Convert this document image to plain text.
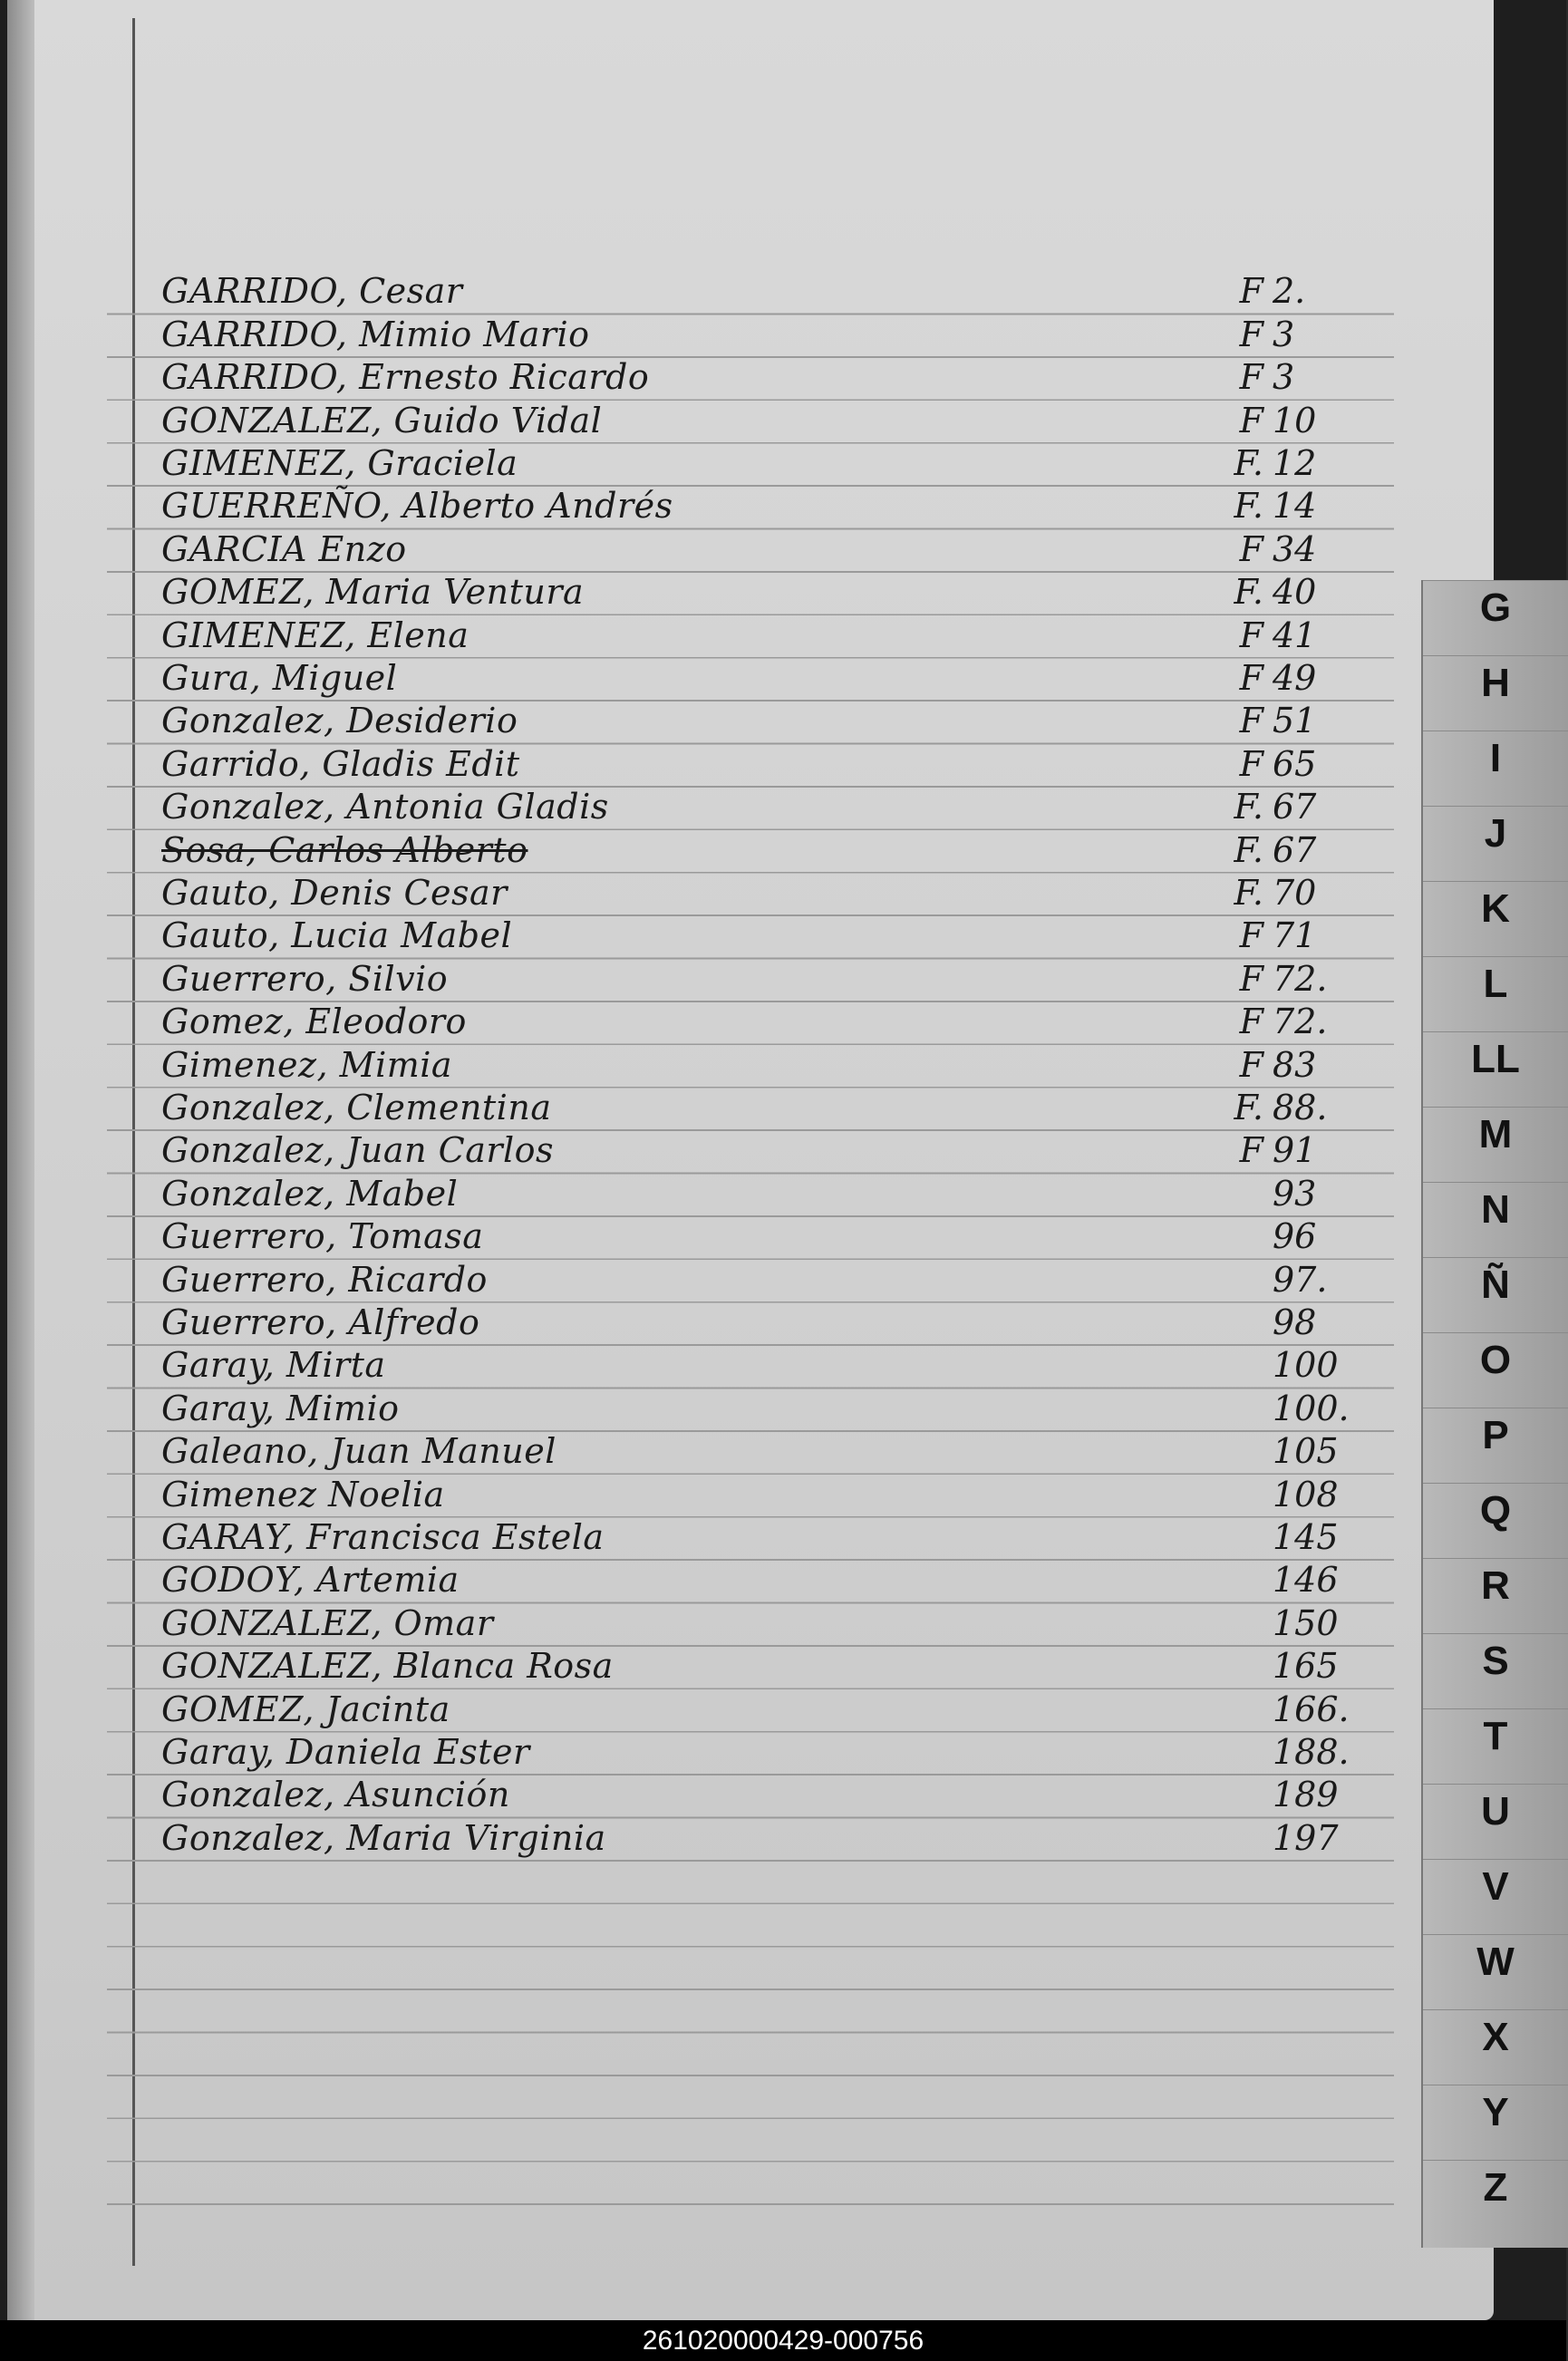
GARRIDO, Cesar	F 2.
GARRIDO, Mimio Mario	F 3
GARRIDO, Ernesto Ricardo	F 3
GONZALEZ, Guido Vidal	F 10
GIMENEZ, Graciela	F. 12
GUERREÑO, Alberto Andrés	F. 14
GARCIA Enzo	F 34
GOMEZ, Maria Ventura	F. 40
GIMENEZ, Elena	F 41
Gura, Miguel	F 49
Gonzalez, Desiderio	F 51
Garrido, Gladis Edit	F 65
Gonzalez, Antonia Gladis	F. 67
Sosa, Carlos Alberto	F. 67
Gauto, Denis Cesar	F. 70
Gauto, Lucia Mabel	F 71
Guerrero, Silvio	F 72.
Gomez, Eleodoro	F 72.
Gimenez, Mimia	F 83
Gonzalez, Clementina	F. 88.
Gonzalez, Juan Carlos	F 91
Gonzalez, Mabel	93
Guerrero, Tomasa	96
Guerrero, Ricardo	97.
Guerrero, Alfredo	98
Garay, Mirta	100
Garay, Mimio	100.
Galeano, Juan Manuel	105
Gimenez Noelia	108
GARAY, Francisca Estela	145
GODOY, Artemia	146
GONZALEZ, Omar	150
GONZALEZ, Blanca Rosa	165
GOMEZ, Jacinta	166.
Garay, Daniela Ester	188.
Gonzalez, Asunción	189
Gonzalez, Maria Virginia	197
G
H
I
J
K
L
LL
M
N
Ñ
O
P
Q
R
S
T
U
V
W
X
Y
Z
261020000429-000756
